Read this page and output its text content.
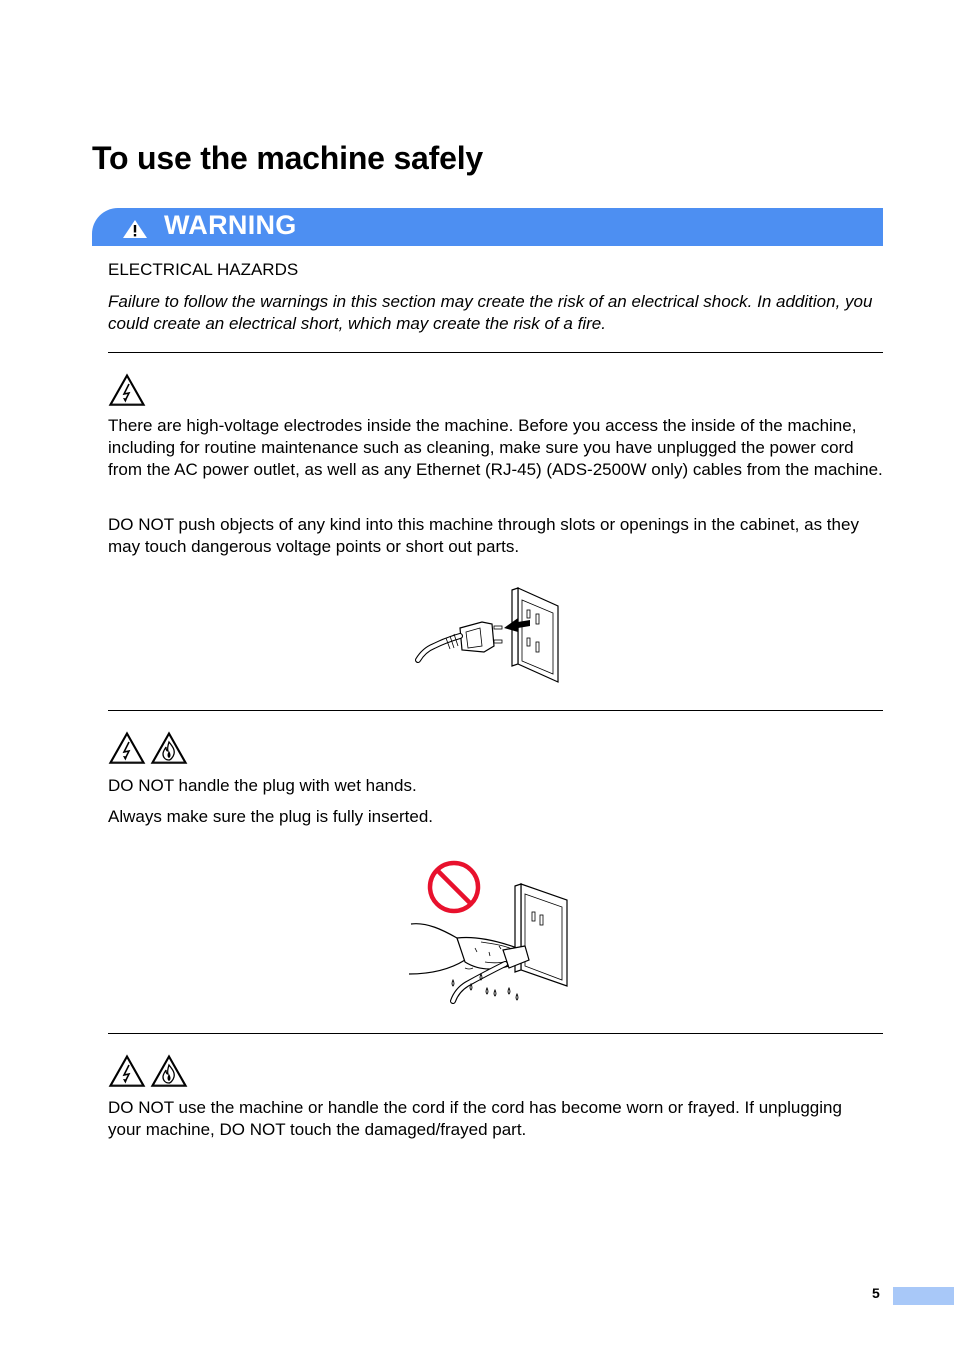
To use the machine safely
WARNING

ELECTRICAL HAZARDS

Failure to follow the warnings in this section may create the risk of an electrical shock. In addition, you could create an electrical short, which may create the risk of a fire.

There are high-voltage electrodes inside the machine. Before you access the inside of the machine, including for routine maintenance such as cleaning, make sure you have unplugged the power cord from the AC power outlet, as well as any Ethernet (RJ-45) (ADS-2500W only) cables from the machine.

DO NOT push objects of any kind into this machine through slots or openings in the cabinet, as they may touch dangerous voltage points or short out parts.

DO NOT handle the plug with wet hands.

Always make sure the plug is fully inserted.

DO NOT use the machine or handle the cord if the cord has become worn or frayed. If unplugging your machine, DO NOT touch the damaged/frayed part.

5
